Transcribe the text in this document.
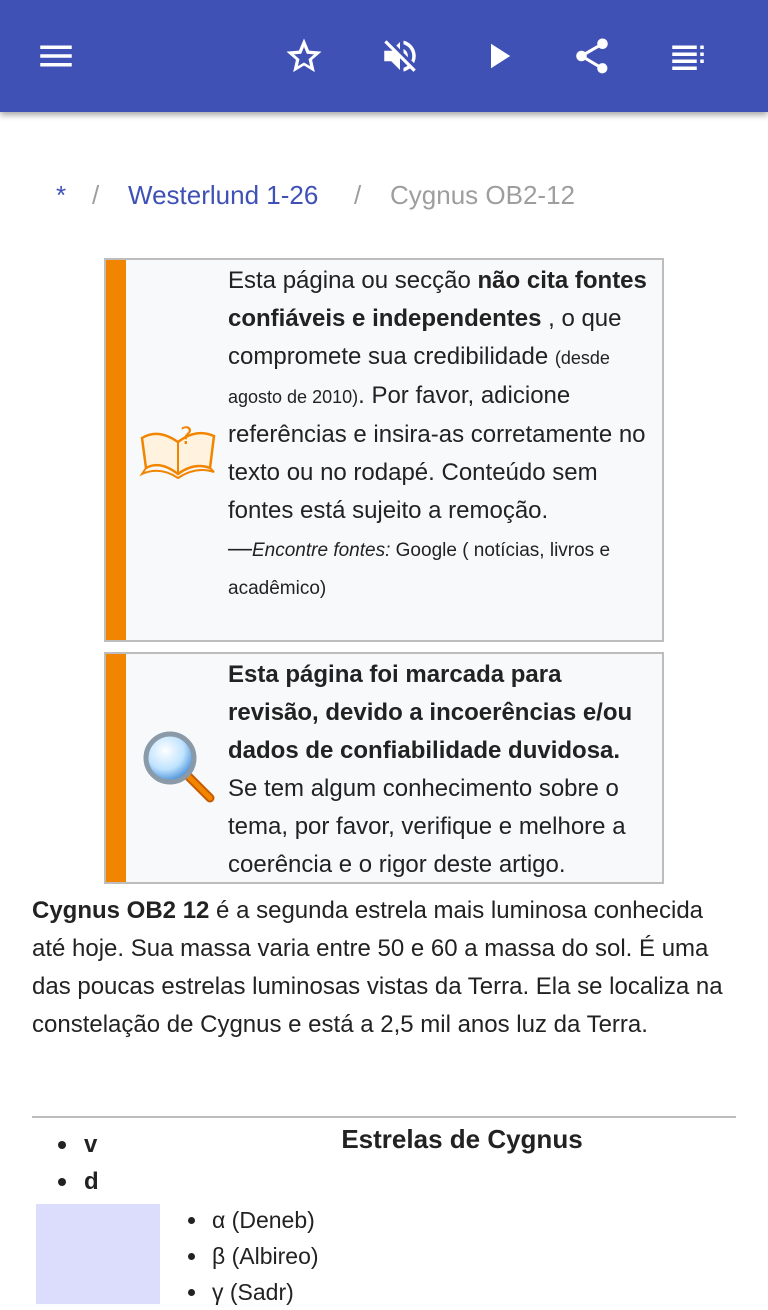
* / Westerlund 1-26 / Cygnus OB2-12
?
Esta página ou secção não cita fontes confiáveis e independentes , o que compromete sua credibilidade (desde agosto de 2010). Por favor, adicione referências e insira-as corretamente no texto ou no rodapé. Conteúdo sem fontes está sujeito a remoção.
—Encontre fontes: Google ( notícias, livros e acadêmico)
Esta página foi marcada para revisão, devido a incoerências e/ou dados de confiabilidade duvidosa. Se tem algum conhecimento sobre o tema, por favor, verifique e melhore a coerência e o rigor deste artigo.
Cygnus OB2 12 é a segunda estrela mais luminosa conhecida até hoje. Sua massa varia entre 50 e 60 a massa do sol. É uma das poucas estrelas luminosas vistas da Terra. Ela se localiza na constelação de Cygnus e está a 2,5 mil anos luz da Terra.
v
d
Estrelas de Cygnus
α (Deneb)
β (Albireo)
γ (Sadr)
